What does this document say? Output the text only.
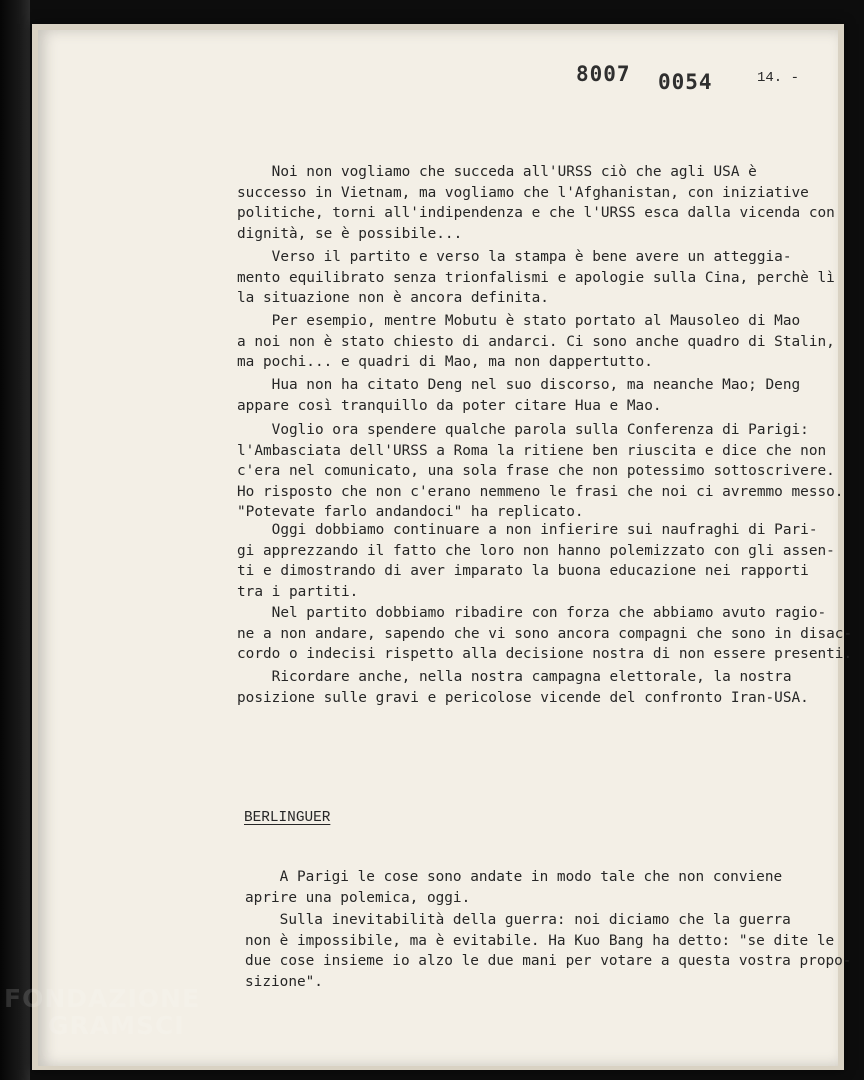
8007 0054	14. -
Noi non vogliamo che succeda all'URSS ciò che agli USA è
successo in Vietnam, ma vogliamo che l'Afghanistan, con iniziative
politiche, torni all'indipendenza e che l'URSS esca dalla vicenda
dignità, se è possibile...
Verso il partito e verso la stampa è bene avere un atteggia-
mento equilibrato senza trionfalismi e apologie sulla Cina, perchè
la situazione non è ancora definita.
Per esempio, mentre Mobutu è stato portato al Mausoleo di Mao
a noi non è stato chiesto di andarci. Ci sono anche quadro di Stalin,
ma pochi... e quadri di Mao, ma non dappertutto.
Hua non ha citato Deng nel suo discorso, ma neanche Mao; Deng
appare così tranquillo da poter citare Hua e Mao.
Voglio ora spendere qualche parola sulla Conferenza di Parigi:
l'Ambasciata dell'URSS a Roma la ritiene ben riuscita e dice che non
c'era nel comunicato, una sola frase che non potessimo sottoscrivere.
Ho risposto che non c'erano nemmeno le frasi che noi ci avremmo
"Potevate farlo andandoci" ha replicato.
Oggi dobbiamo continuare a non infierire sui naufraghi di Pari-
gi apprezzando il fatto che loro non hanno polemizzato con gli assen-
ti e dimostrando di aver imparato la buona educazione nei rapporti
tra i partiti.
Nel partito dobbiamo ribadire con forza che abbiamo avuto ragio-
ne a non andare, sapendo che vi sono ancora compagni che sono in
cordo o indecisi rispetto alla decisione nostra di non essere presenti.
Ricordare anche, nella nostra campagna elettorale, la nostra
posizione sulle gravi e pericolose vicende del confronto Iran-USA.
BERLINGUER
A Parigi le cose sono andate in modo tale che non conviene
aprire una polemica, oggi.
Sulla inevitabilità della guerra: noi diciamo che la guerra
non è impossibile, ma è evitabile. Ha Kuo Bang ha detto: "se dite
due cose insieme io alzo le due mani per votare a questa vostra
sizione".
FONDAZIONE
GRAMSCI
